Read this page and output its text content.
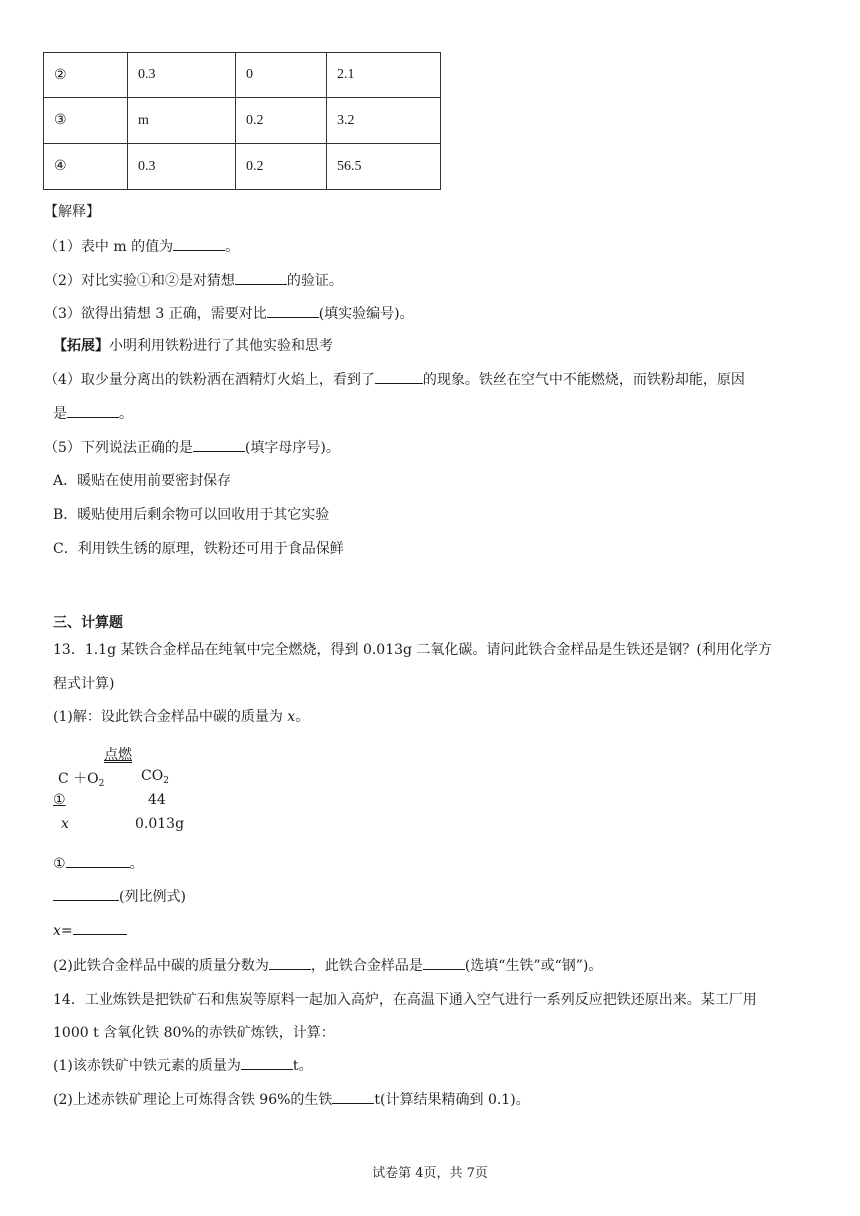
②	0.3	0	2.1
③	m	0.2	3.2
④	0.3	0.2	56.5
【解释】
（1）表中 m 的值为	。
（2）对比实验①和②是对猜想	的验证。
（3）欲得出猜想 3 正确，需要对比	(填实验编号)。
【拓展】小明利用铁粉进行了其他实验和思考
（4）取少量分离出的铁粉洒在酒精灯火焰上，看到了	的现象。铁丝在空气中不能燃烧，而铁粉却能，原因
是	。
（5）下列说法正确的是	(填字母序号)。
A．暖贴在使用前要密封保存
B．暖贴使用后剩余物可以回收用于其它实验
C．利用铁生锈的原理，铁粉还可用于食品保鲜
三、计算题
13．1.1g 某铁合金样品在纯氧中完全燃烧，得到 0.013g 二氧化碳。请问此铁合金样品是生铁还是钢？(利用化学方
程式计算)
(1)解：设此铁合金样品中碳的质量为 x。
点燃
$C +O_2$	$CO_2$
①	44
x	0.013g
①	。
(列比例式)
x=
(2)此铁合金样品中碳的质量分数为	，此铁合金样品是	(选填“生铁”或“钢”)。
14．工业炼铁是把铁矿石和焦炭等原料一起加入高炉，在高温下通入空气进行一系列反应把铁还原出来。某工厂用
1000 t 含氧化铁 80%的赤铁矿炼铁，计算：
(1)该赤铁矿中铁元素的质量为	t。
(2)上述赤铁矿理论上可炼得含铁 96%的生铁	t(计算结果精确到 0.1)。
试卷第 4页，共 7页
